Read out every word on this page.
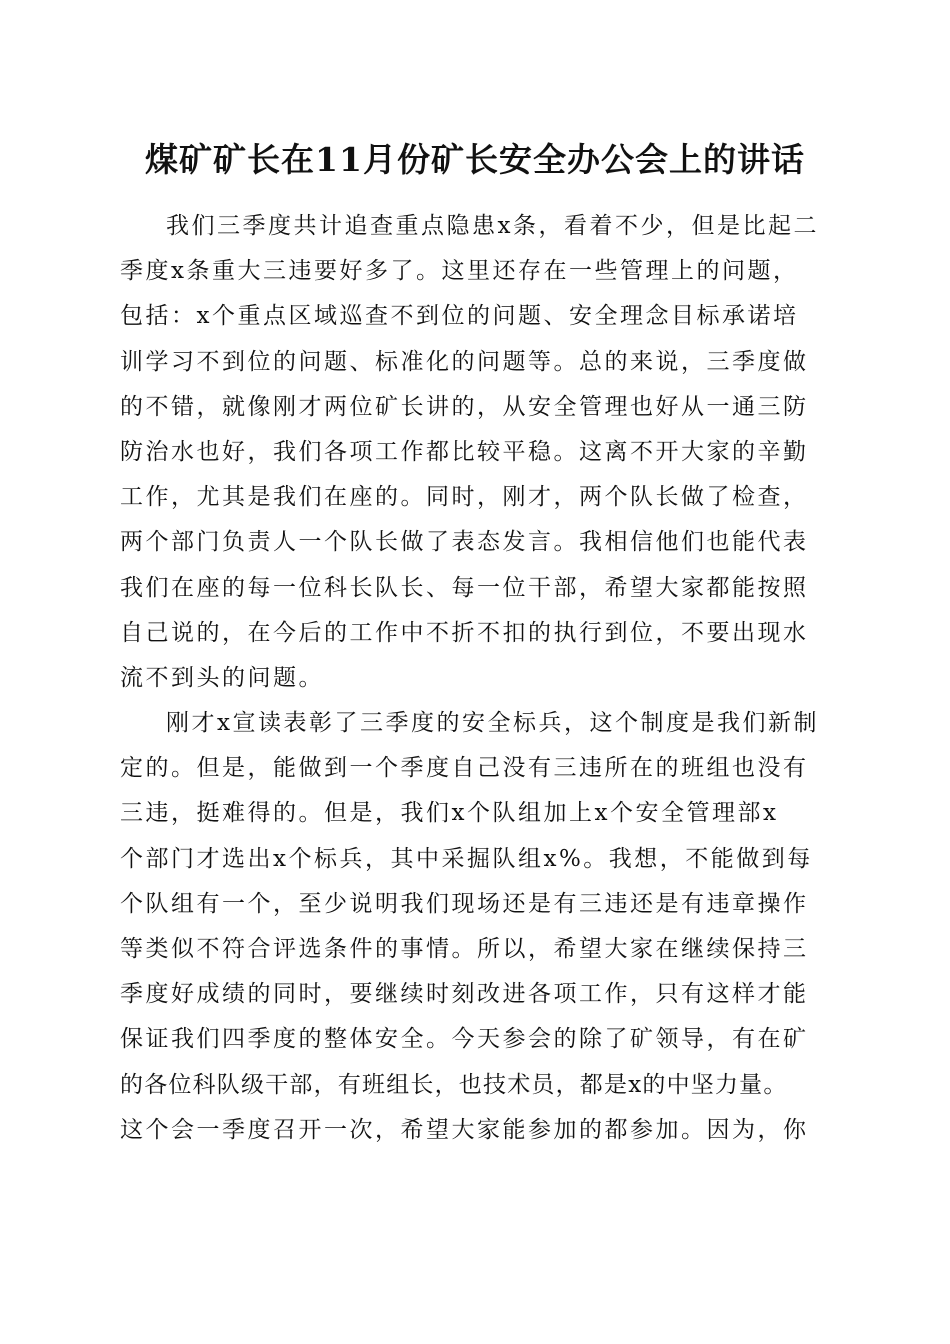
煤矿矿长在11月份矿长安全办公会上的讲话
我们三季度共计追查重点隐患x条，看着不少，但是比起二
季度x条重大三违要好多了。这里还存在一些管理上的问题，
包括：x个重点区域巡查不到位的问题、安全理念目标承诺培
训学习不到位的问题、标准化的问题等。总的来说，三季度做
的不错，就像刚才两位矿长讲的，从安全管理也好从一通三防
防治水也好，我们各项工作都比较平稳。这离不开大家的辛勤
工作，尤其是我们在座的。同时，刚才，两个队长做了检查，
两个部门负责人一个队长做了表态发言。我相信他们也能代表
我们在座的每一位科长队长、每一位干部，希望大家都能按照
自己说的，在今后的工作中不折不扣的执行到位，不要出现水
流不到头的问题。
刚才x宣读表彰了三季度的安全标兵，这个制度是我们新制
定的。但是，能做到一个季度自己没有三违所在的班组也没有
三违，挺难得的。但是，我们x个队组加上x个安全管理部x
个部门才选出x个标兵，其中采掘队组x%。我想，不能做到每
个队组有一个，至少说明我们现场还是有三违还是有违章操作
等类似不符合评选条件的事情。所以，希望大家在继续保持三
季度好成绩的同时，要继续时刻改进各项工作，只有这样才能
保证我们四季度的整体安全。今天参会的除了矿领导，有在矿
的各位科队级干部，有班组长，也技术员，都是x的中坚力量。
这个会一季度召开一次，希望大家能参加的都参加。因为，你
